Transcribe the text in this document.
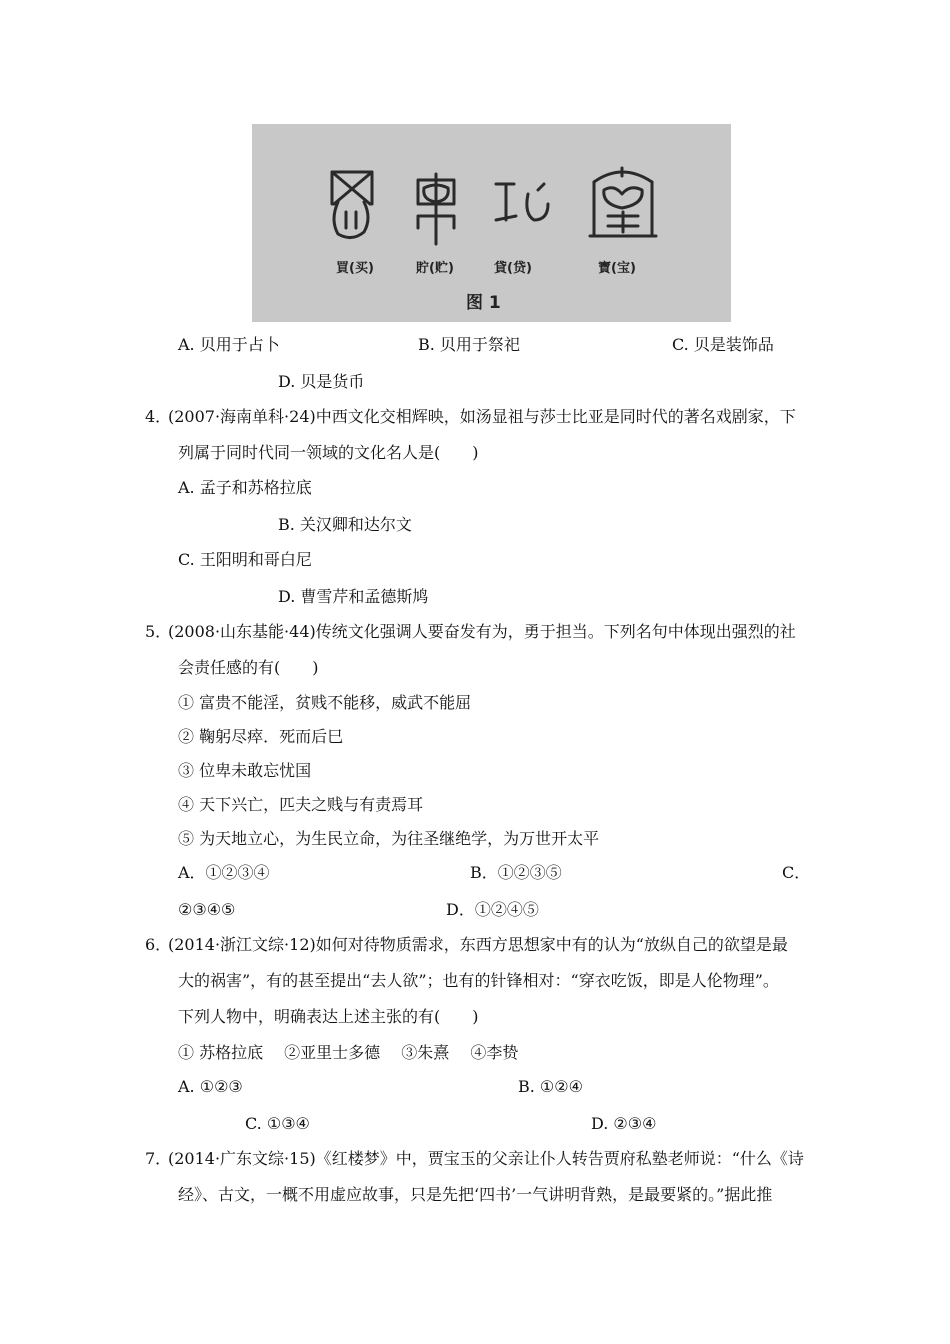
買(买)	貯(贮)	貸(贷)	寶(宝)
图 1
A. 贝用于占卜	B. 贝用于祭祀	C. 贝是装饰品
D. 贝是货币
4．
(2007·海南单科·24)中西文化交相辉映，如汤显祖与莎士比亚是同时代的著名戏剧家，下
列属于同时代同一领域的文化名人是(　　)
A. 孟子和苏格拉底
B. 关汉卿和达尔文
C. 王阳明和哥白尼
D. 曹雪芹和孟德斯鸠
5．
(2008·山东基能·44)传统文化强调人要奋发有为，勇于担当。下列名句中体现出强烈的社
会责任感的有(　　)
① 富贵不能淫，贫贱不能移，威武不能屈
② 鞠躬尽瘁．死而后巳
③ 位卑未敢忘忧国
④ 天下兴亡，匹夫之贱与有责焉耳
⑤ 为天地立心，为生民立命，为往圣继绝学，为万世开太平
A．①②③④	B．①②③⑤	C．
②③④⑤	D．①②④⑤
6．
(2014·浙江文综·12)如何对待物质需求，东西方思想家中有的认为“放纵自己的欲望是最
大的祸害”，有的甚至提出“去人欲”；也有的针锋相对：“穿衣吃饭，即是人伦物理”。
下列人物中，明确表达上述主张的有(　　)
① 苏格拉底　 ②亚里士多德　 ③朱熹　 ④李贽
A. ①②③	B. ①②④
C. ①③④	D. ②③④
7．
(2014·广东文综·15)《红楼梦》中，贾宝玉的父亲让仆人转告贾府私塾老师说：“什么《诗
经》、古文，一概不用虚应故事，只是先把‘四书’一气讲明背熟，是最要紧的。”据此推
